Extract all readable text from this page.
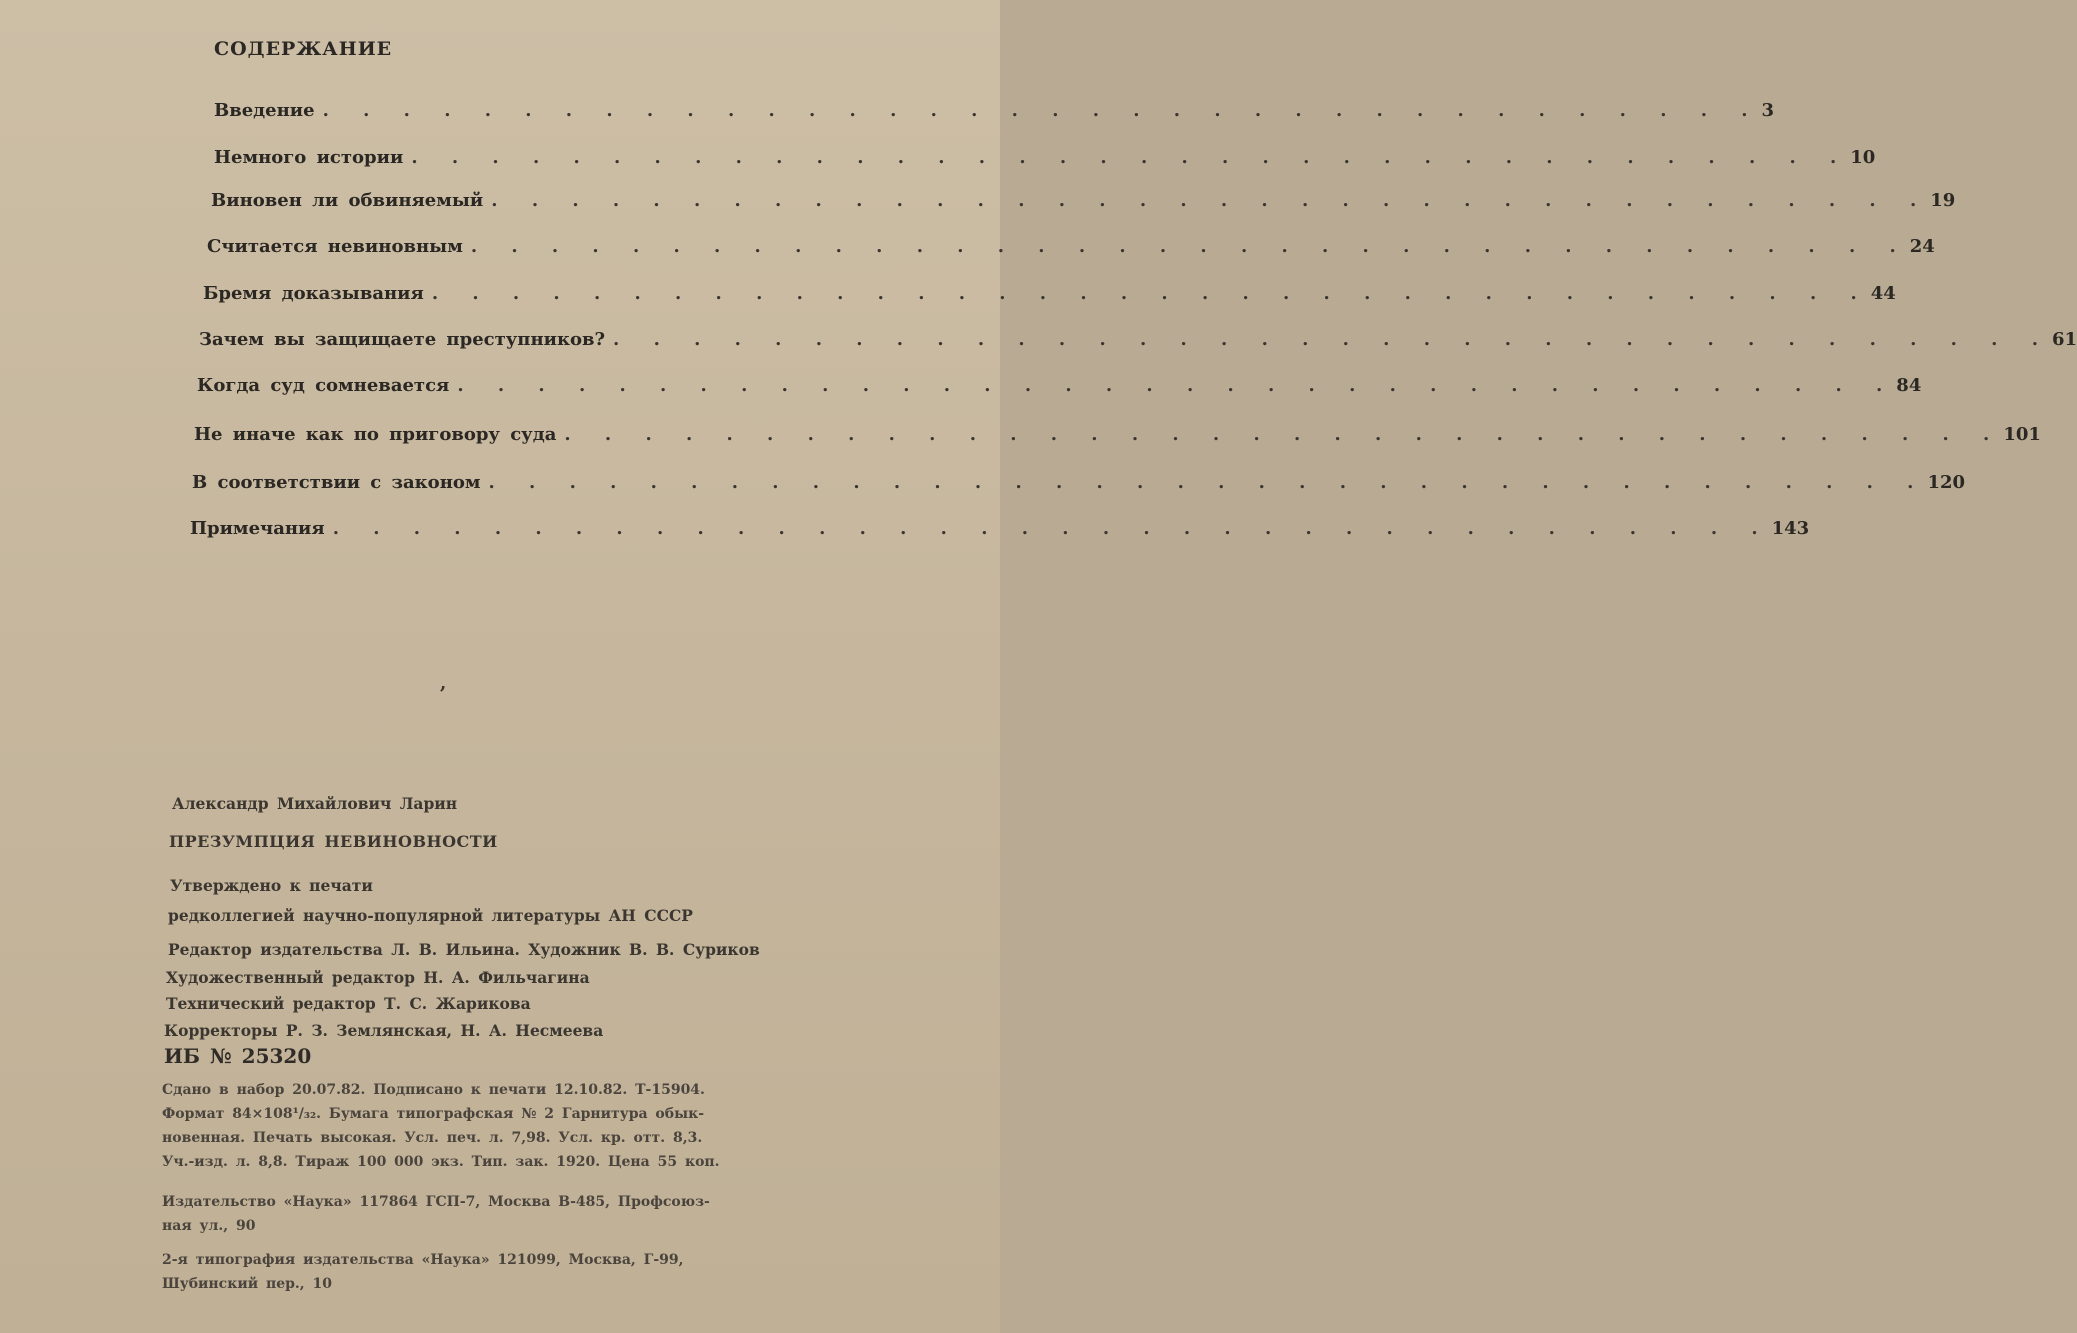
СОДЕРЖАНИЕ
Введение . . . . . . . . . . . . . . . . . . . . . . . . . . . . . . . . . . . . 3
Немного истории . . . . . . . . . . . . . . . . . . . . . . . . . . . . . . . . . . . . 10
Виновен ли обвиняемый . . . . . . . . . . . . . . . . . . . . . . . . . . . . . . . . . . . . 19
Считается невиновным . . . . . . . . . . . . . . . . . . . . . . . . . . . . . . . . . . . . 24
Бремя доказывания . . . . . . . . . . . . . . . . . . . . . . . . . . . . . . . . . . . . 44
Зачем вы защищаете преступников? . . . . . . . . . . . . . . . . . . . . . . . . . . . . . . . . . . . . 61
Когда суд сомневается . . . . . . . . . . . . . . . . . . . . . . . . . . . . . . . . . . . . 84
Не иначе как по приговору суда . . . . . . . . . . . . . . . . . . . . . . . . . . . . . . . . . . . . 101
В соответствии с законом . . . . . . . . . . . . . . . . . . . . . . . . . . . . . . . . . . . . 120
Примечания . . . . . . . . . . . . . . . . . . . . . . . . . . . . . . . . . . . . 143
,
Александр Михайлович Ларин
ПРЕЗУМПЦИЯ НЕВИНОВНОСТИ
Утверждено к печати
редколлегией научно-популярной литературы АН СССР
Редактор издательства Л. В. Ильина. Художник В. В. Суриков
Художественный редактор Н. А. Фильчагина
Технический редактор Т. С. Жарикова
Корректоры Р. З. Землянская, Н. А. Несмеева
ИБ № 25320
Сдано в набор 20.07.82. Подписано к печати 12.10.82. Т-15904.
Формат 84×108¹/₃₂. Бумага типографская № 2 Гарнитура обык-
новенная. Печать высокая. Усл. печ. л. 7,98. Усл. кр. отт. 8,3.
Уч.-изд. л. 8,8. Тираж 100 000 экз. Тип. зак. 1920. Цена 55 коп.
Издательство «Наука» 117864 ГСП-7, Москва В-485, Профсоюз-
ная ул., 90
2-я типография издательства «Наука» 121099, Москва, Г-99,
Шубинский пер., 10
